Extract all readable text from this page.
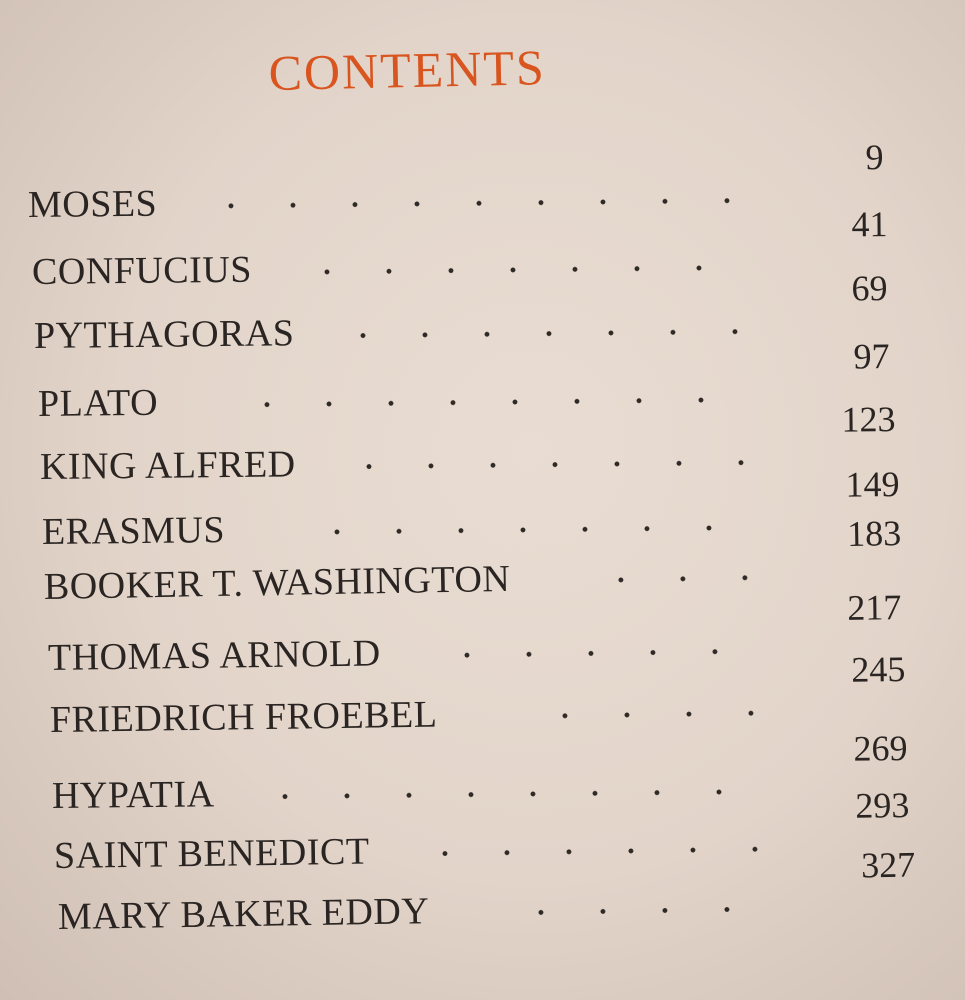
CONTENTS
MOSES
9
CONFUCIUS
41
PYTHAGORAS
69
PLATO
97
KING ALFRED
123
ERASMUS
149
BOOKER T. WASHINGTON
183
THOMAS ARNOLD
217
FRIEDRICH FROEBEL
245
HYPATIA
269
SAINT BENEDICT
293
MARY BAKER EDDY
327
